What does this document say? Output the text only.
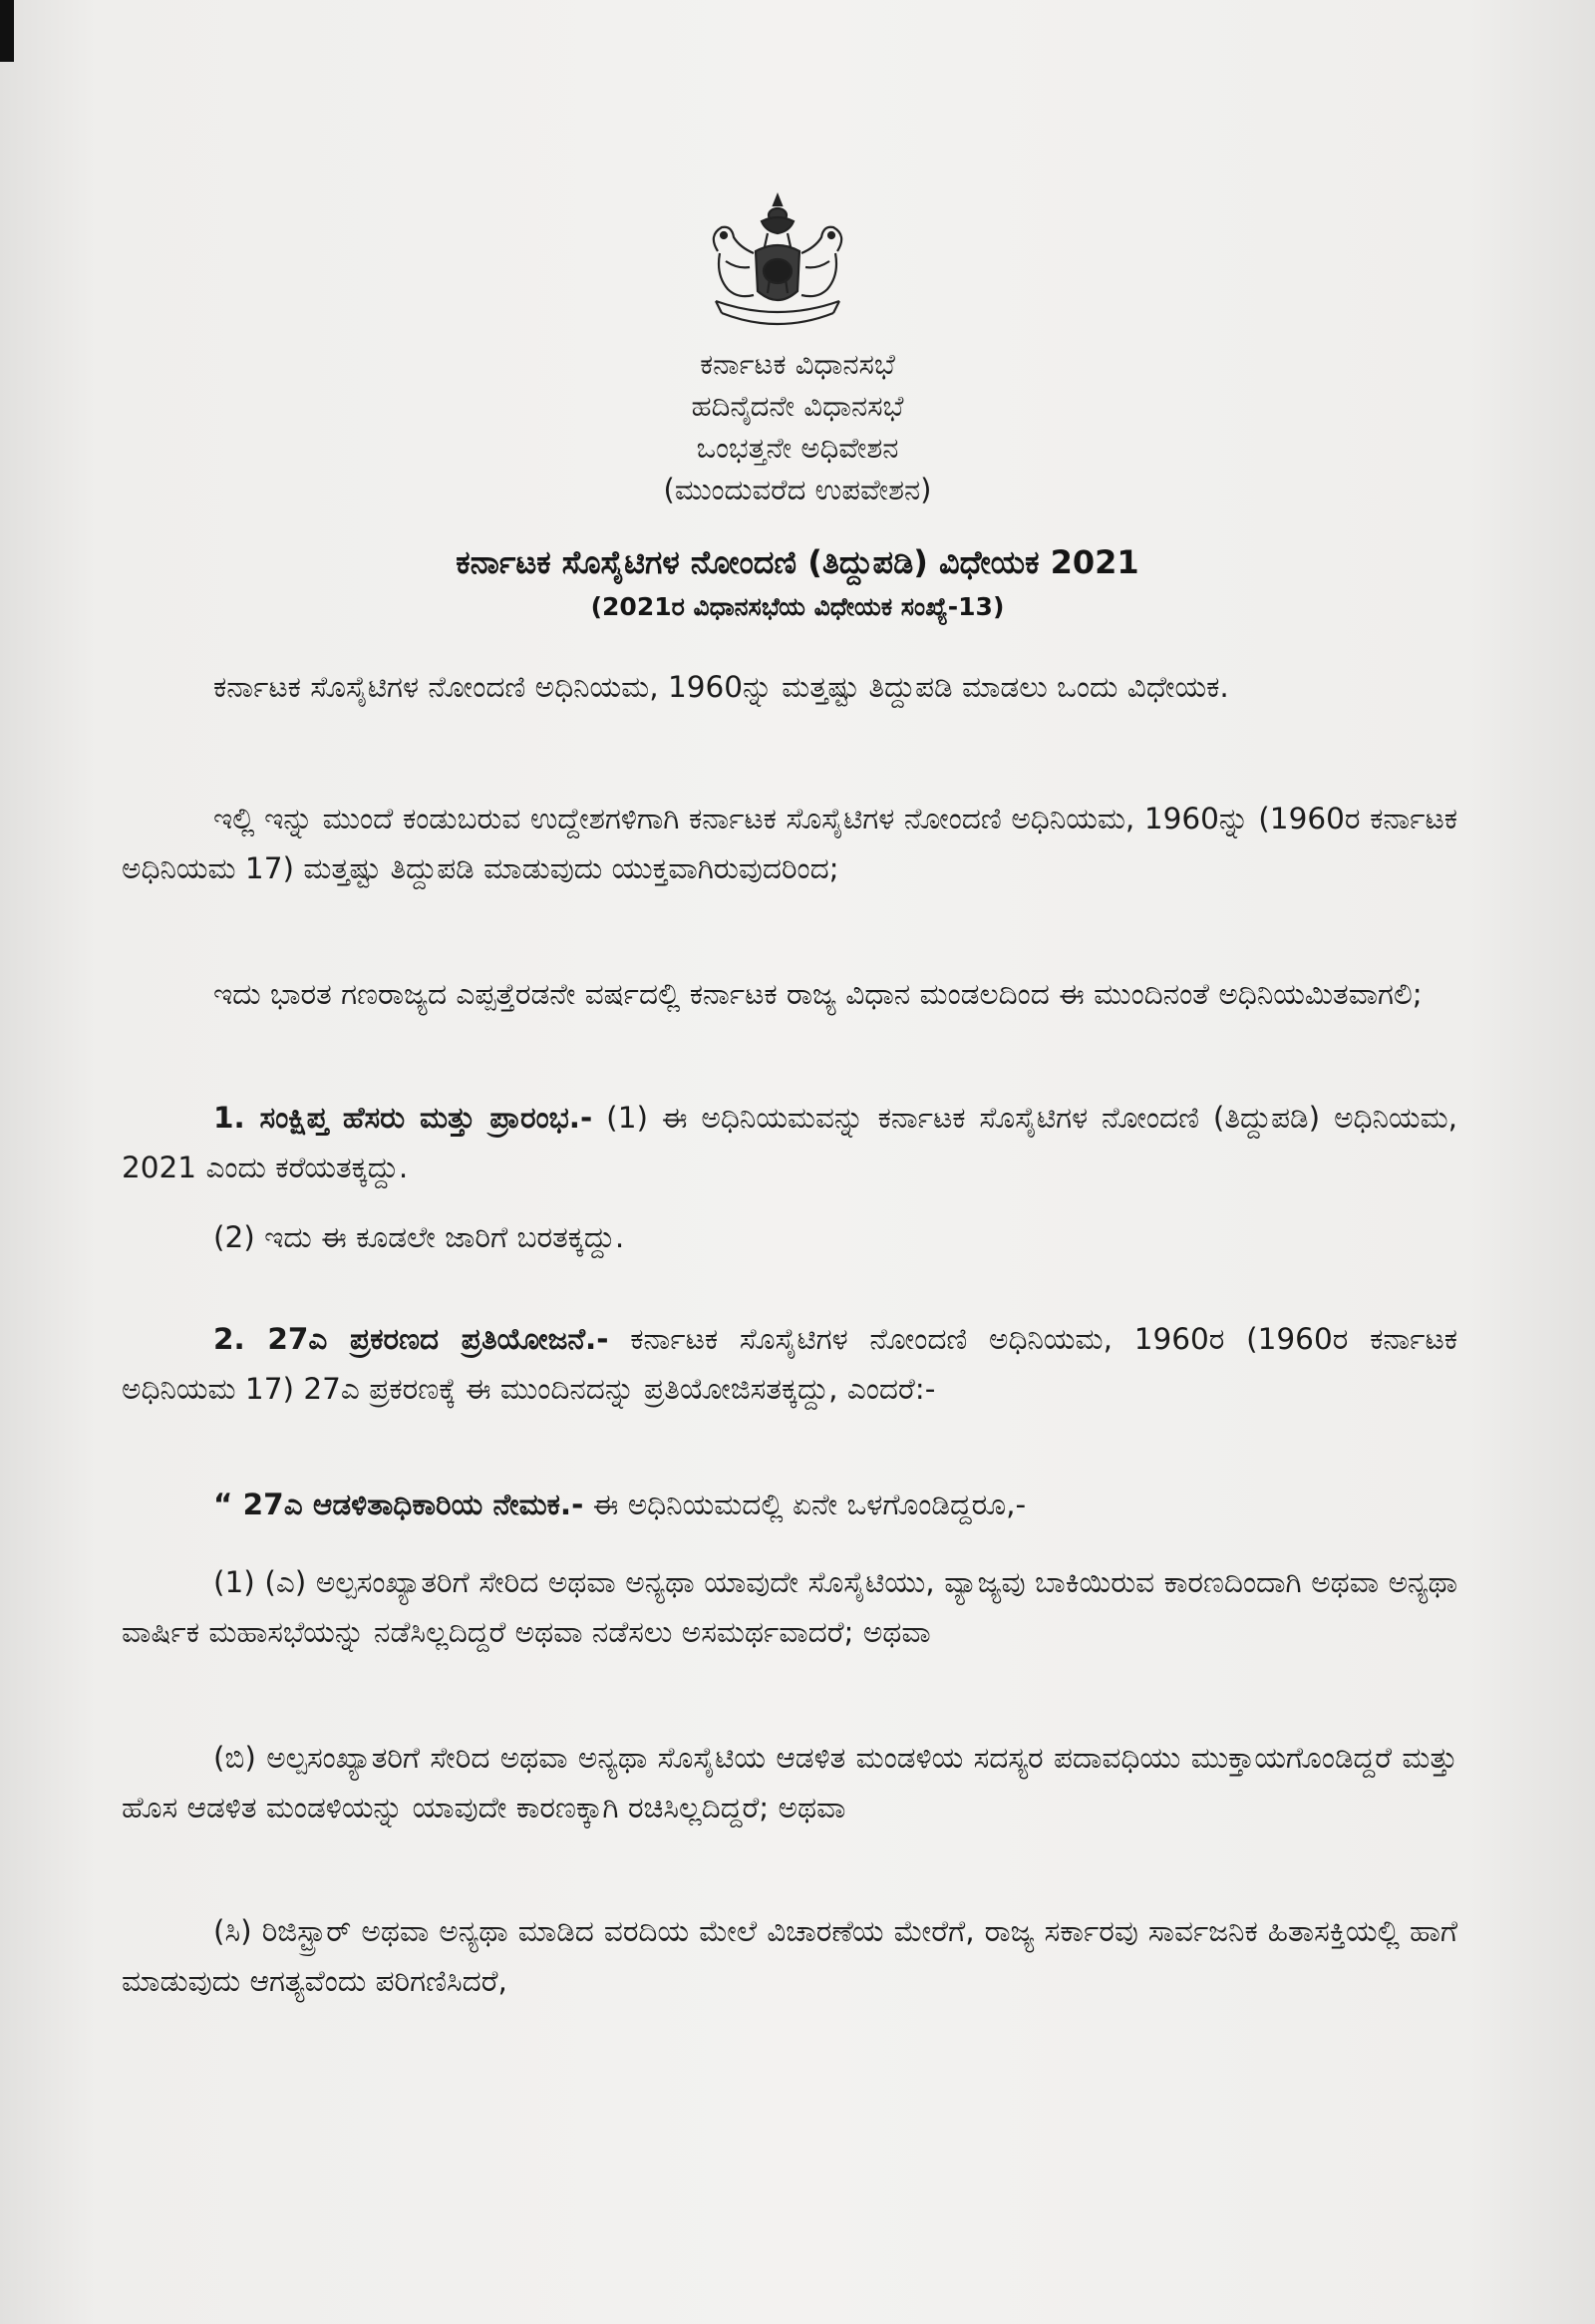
ಕರ್ನಾಟಕ ವಿಧಾನಸಭೆ
ಹದಿನೈದನೇ ವಿಧಾನಸಭೆ
ಒಂಭತ್ತನೇ ಅಧಿವೇಶನ
(ಮುಂದುವರೆದ ಉಪವೇಶನ)
ಕರ್ನಾಟಕ ಸೊಸೈಟಿಗಳ ನೋಂದಣಿ (ತಿದ್ದುಪಡಿ) ವಿಧೇಯಕ 2021
(2021ರ ವಿಧಾನಸಭೆಯ ವಿಧೇಯಕ ಸಂಖ್ಯೆ-13)
ಕರ್ನಾಟಕ ಸೊಸೈಟಿಗಳ ನೋಂದಣಿ ಅಧಿನಿಯಮ, 1960ನ್ನು ಮತ್ತಷ್ಟು ತಿದ್ದುಪಡಿ ಮಾಡಲು ಒಂದು ವಿಧೇಯಕ.
ಇಲ್ಲಿ ಇನ್ನು ಮುಂದೆ ಕಂಡುಬರುವ ಉದ್ದೇಶಗಳಿಗಾಗಿ ಕರ್ನಾಟಕ ಸೊಸೈಟಿಗಳ ನೋಂದಣಿ ಅಧಿನಿಯಮ, 1960ನ್ನು (1960ರ ಕರ್ನಾಟಕ ಅಧಿನಿಯಮ 17) ಮತ್ತಷ್ಟು ತಿದ್ದುಪಡಿ ಮಾಡುವುದು ಯುಕ್ತವಾಗಿರುವುದರಿಂದ;
ಇದು ಭಾರತ ಗಣರಾಜ್ಯದ ಎಪ್ಪತ್ತೆರಡನೇ ವರ್ಷದಲ್ಲಿ ಕರ್ನಾಟಕ ರಾಜ್ಯ ವಿಧಾನ ಮಂಡಲದಿಂದ ಈ ಮುಂದಿನಂತೆ ಅಧಿನಿಯಮಿತವಾಗಲಿ;
1. ಸಂಕ್ಷಿಪ್ತ ಹೆಸರು ಮತ್ತು ಪ್ರಾರಂಭ.- (1) ಈ ಅಧಿನಿಯಮವನ್ನು ಕರ್ನಾಟಕ ಸೊಸೈಟಿಗಳ ನೋಂದಣಿ (ತಿದ್ದುಪಡಿ) ಅಧಿನಿಯಮ, 2021 ಎಂದು ಕರೆಯತಕ್ಕದ್ದು.
(2) ಇದು ಈ ಕೂಡಲೇ ಜಾರಿಗೆ ಬರತಕ್ಕದ್ದು.
2. 27ಎ ಪ್ರಕರಣದ ಪ್ರತಿಯೋಜನೆ.- ಕರ್ನಾಟಕ ಸೊಸೈಟಿಗಳ ನೋಂದಣಿ ಅಧಿನಿಯಮ, 1960ರ (1960ರ ಕರ್ನಾಟಕ ಅಧಿನಿಯಮ 17) 27ಎ ಪ್ರಕರಣಕ್ಕೆ ಈ ಮುಂದಿನದನ್ನು ಪ್ರತಿಯೋಜಿಸತಕ್ಕದ್ದು, ಎಂದರೆ:-
“ 27ಎ ಆಡಳಿತಾಧಿಕಾರಿಯ ನೇಮಕ.- ಈ ಅಧಿನಿಯಮದಲ್ಲಿ ಏನೇ ಒಳಗೊಂಡಿದ್ದರೂ,-
(1) (ಎ) ಅಲ್ಪಸಂಖ್ಯಾತರಿಗೆ ಸೇರಿದ ಅಥವಾ ಅನ್ಯಥಾ ಯಾವುದೇ ಸೊಸೈಟಿಯು, ವ್ಯಾಜ್ಯವು ಬಾಕಿಯಿರುವ ಕಾರಣದಿಂದಾಗಿ ಅಥವಾ ಅನ್ಯಥಾ ವಾರ್ಷಿಕ ಮಹಾಸಭೆಯನ್ನು ನಡೆಸಿಲ್ಲದಿದ್ದರೆ ಅಥವಾ ನಡೆಸಲು ಅಸಮರ್ಥವಾದರೆ; ಅಥವಾ
(ಬಿ) ಅಲ್ಪಸಂಖ್ಯಾತರಿಗೆ ಸೇರಿದ ಅಥವಾ ಅನ್ಯಥಾ ಸೊಸೈಟಿಯ ಆಡಳಿತ ಮಂಡಳಿಯ ಸದಸ್ಯರ ಪದಾವಧಿಯು ಮುಕ್ತಾಯಗೊಂಡಿದ್ದರೆ ಮತ್ತು ಹೊಸ ಆಡಳಿತ ಮಂಡಳಿಯನ್ನು ಯಾವುದೇ ಕಾರಣಕ್ಕಾಗಿ ರಚಿಸಿಲ್ಲದಿದ್ದರೆ; ಅಥವಾ
(ಸಿ) ರಿಜಿಸ್ಟ್ರಾರ್ ಅಥವಾ ಅನ್ಯಥಾ ಮಾಡಿದ ವರದಿಯ ಮೇಲೆ ವಿಚಾರಣೆಯ ಮೇರೆಗೆ, ರಾಜ್ಯ ಸರ್ಕಾರವು ಸಾರ್ವಜನಿಕ ಹಿತಾಸಕ್ತಿಯಲ್ಲಿ ಹಾಗೆ ಮಾಡುವುದು ಆಗತ್ಯವೆಂದು ಪರಿಗಣಿಸಿದರೆ,
